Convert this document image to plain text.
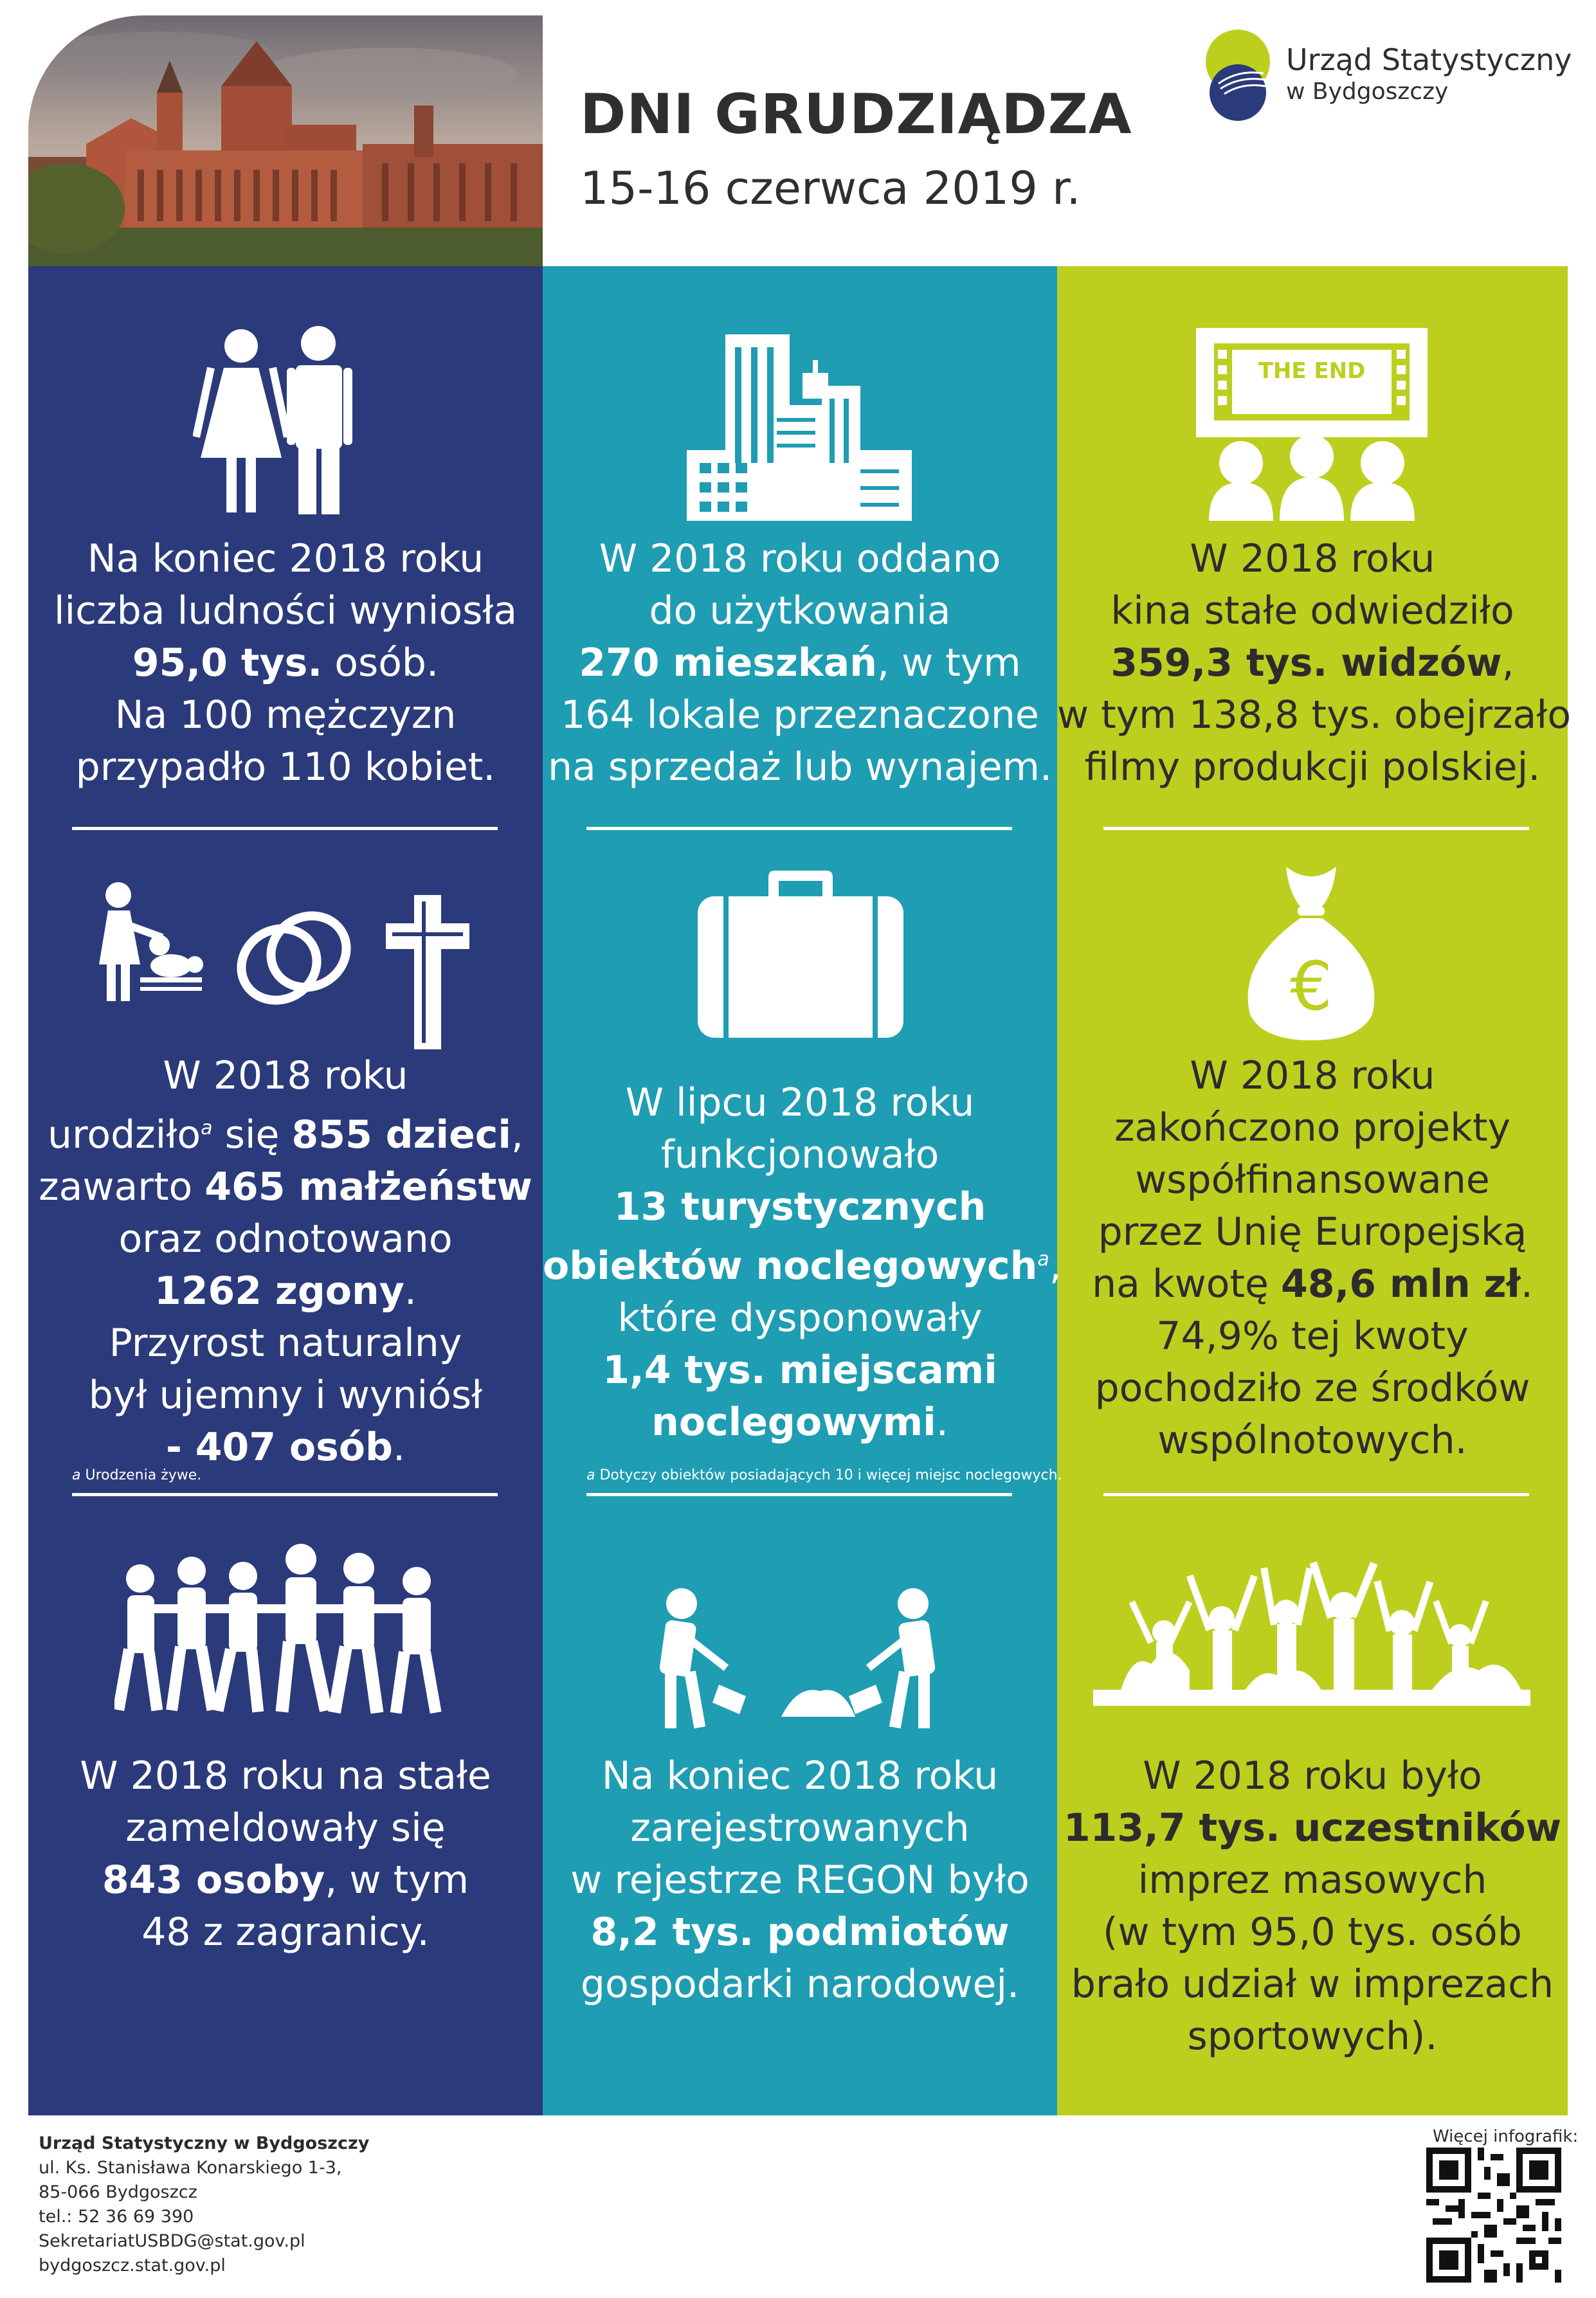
DNI GRUDZIĄDZA
15-16 czerwca 2019 r.
Urząd Statystyczny
w Bydgoszczy
Na koniec 2018 roku
liczba ludności wyniosła
95,0 tys. osób.
Na 100 mężczyzn
przypadło 110 kobiet.
W 2018 roku
urodziło$^a$ się 855 dzieci,
zawarto 465 małżeństw
oraz odnotowano
1262 zgony.
Przyrost naturalny
był ujemny i wyniósł
- 407 osób.
a Urodzenia żywe.
W 2018 roku na stałe
zameldowały się
843 osoby, w tym
48 z zagranicy.
W 2018 roku oddano
do użytkowania
270 mieszkań, w tym
164 lokale przeznaczone
na sprzedaż lub wynajem.
W lipcu 2018 roku
funkcjonowało
13 turystycznych
obiektów noclegowych$^a$,
które dysponowały
1,4 tys. miejscami
noclegowymi.
a Dotyczy obiektów posiadających 10 i więcej miejsc noclegowych.
Na koniec 2018 roku
zarejestrowanych
w rejestrze REGON było
8,2 tys. podmiotów
gospodarki narodowej.
THE END
W 2018 roku
kina stałe odwiedziło
359,3 tys. widzów,
w tym 138,8 tys. obejrzało
filmy produkcji polskiej.
€
W 2018 roku
zakończono projekty
współfinansowane
przez Unię Europejską
na kwotę 48,6 mln zł.
74,9% tej kwoty
pochodziło ze środków
wspólnotowych.
W 2018 roku było
113,7 tys. uczestników
imprez masowych
(w tym 95,0 tys. osób
brało udział w imprezach
sportowych).
Urząd Statystyczny w Bydgoszczy
ul. Ks. Stanisława Konarskiego 1-3,
85-066 Bydgoszcz
tel.: 52 36 69 390
SekretariatUSBDG@stat.gov.pl
bydgoszcz.stat.gov.pl
Więcej infografik:
